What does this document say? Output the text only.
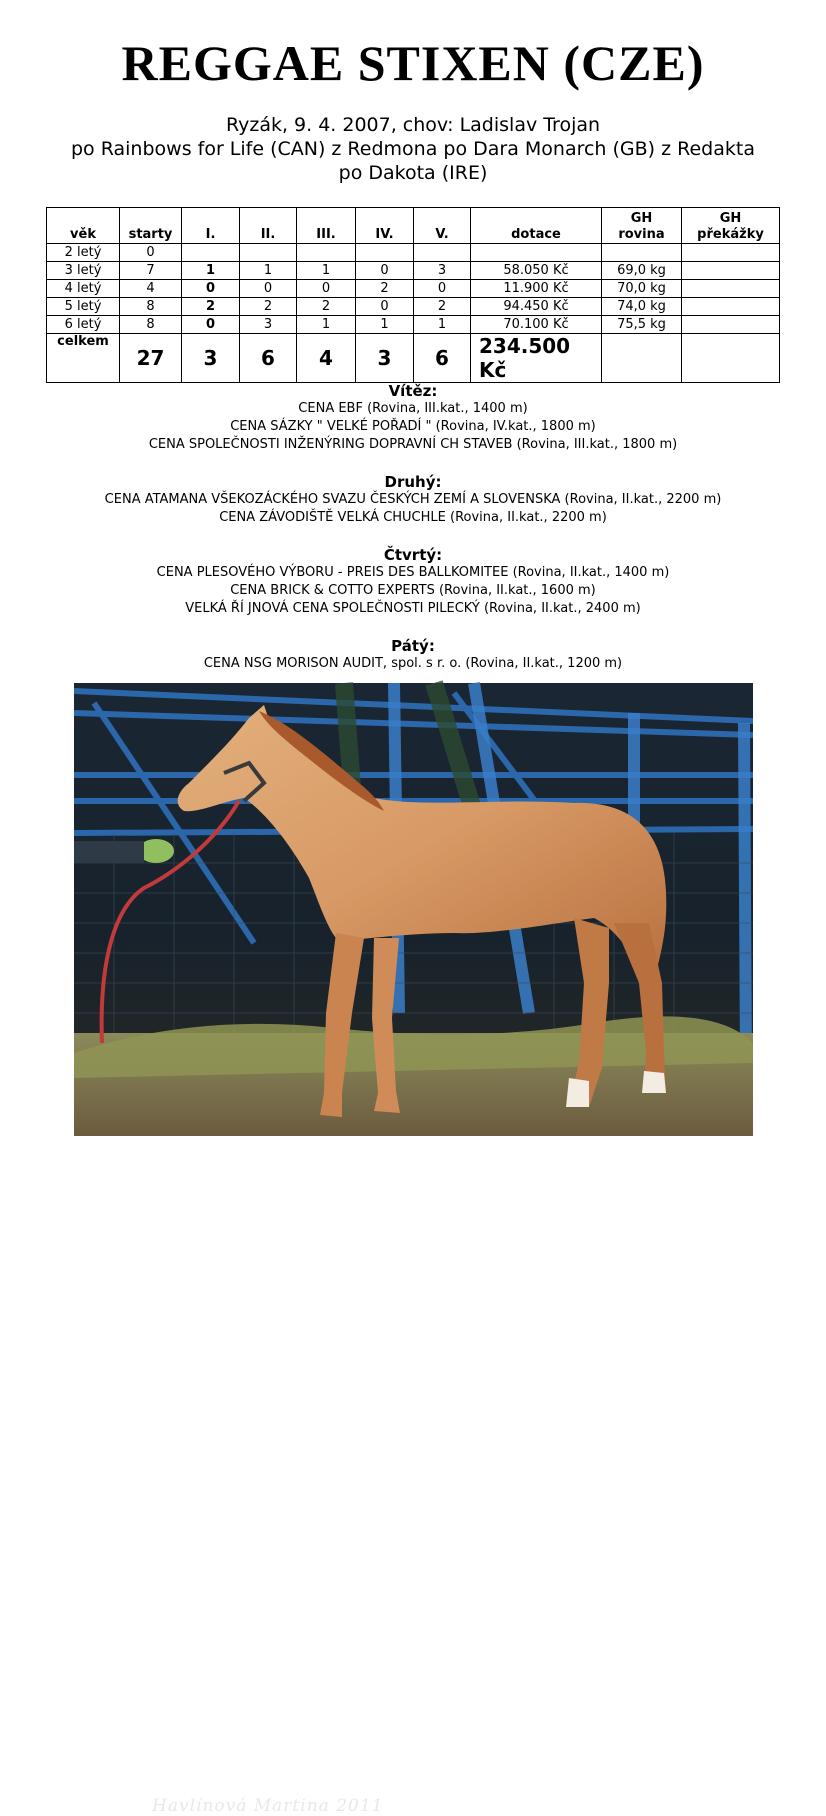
REGGAE STIXEN (CZE)
Ryzák, 9. 4. 2007, chov: Ladislav Trojan
po Rainbows for Life (CAN) z Redmona po Dara Monarch (GB) z Redakta
po Dakota (IRE)
věk	starty	I.	II.	III.	IV.	V.	dotace	GH rovina	GH překážky
2 letý	0								
3 letý	7	1	1	1	0	3	58.050 Kč	69,0 kg	
4 letý	4	0	0	0	2	0	11.900 Kč	70,0 kg	
5 letý	8	2	2	2	0	2	94.450 Kč	74,0 kg	
6 letý	8	0	3	1	1	1	70.100 Kč	75,5 kg	
celkem	27	3	6	4	3	6	234.500 Kč		
Vítěz:
CENA EBF (Rovina, III.kat., 1400 m)
CENA SÁZKY " VELKÉ POŘADÍ " (Rovina, IV.kat., 1800 m)
CENA SPOLEČNOSTI INŽENÝRING DOPRAVNÍ CH STAVEB (Rovina, III.kat., 1800 m)
Druhý:
CENA ATAMANA VŠEKOZÁCKÉHO SVAZU ČESKÝCH ZEMÍ A SLOVENSKA (Rovina, II.kat., 2200 m)
CENA ZÁVODIŠTĚ VELKÁ CHUCHLE (Rovina, II.kat., 2200 m)
Čtvrtý:
CENA PLESOVÉHO VÝBORU - PREIS DES BALLKOMITEE (Rovina, II.kat., 1400 m)
CENA BRICK & COTTO EXPERTS (Rovina, II.kat., 1600 m)
VELKÁ ŘÍ JNOVÁ CENA SPOLEČNOSTI PILECKÝ (Rovina, II.kat., 2400 m)
Pátý:
CENA NSG MORISON AUDIT, spol. s r. o. (Rovina, II.kat., 1200 m)
Havlínová Martina 2011
